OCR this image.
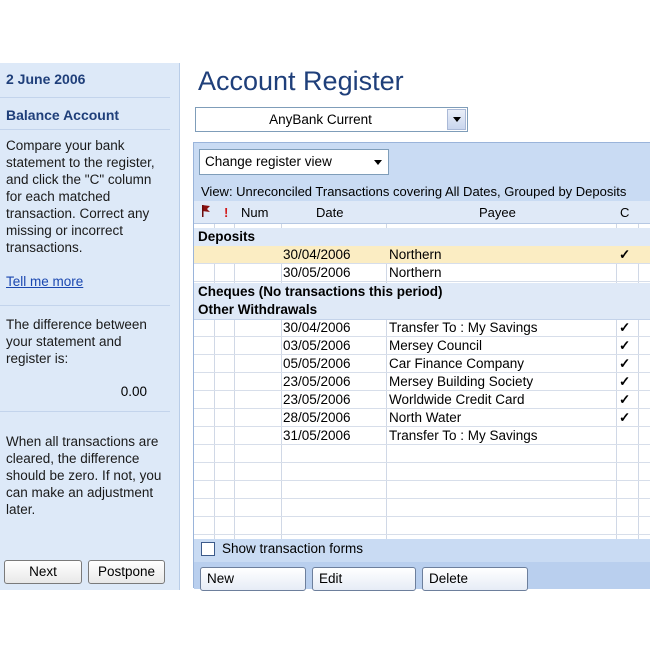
2 June 2006
Balance Account
Compare your bank statement to the register, and click the "C" column for each matched transaction. Correct any missing or incorrect transactions.
Tell me more
The difference between your statement and register is:
0.00
When all transactions are cleared, the difference should be zero. If not, you can make an adjustment later.
Next	Postpone
Account Register
AnyBank Current
Change register view
View: Unreconciled Transactions covering All Dates, Grouped by Deposits
! Num	Date	Payee	C
Deposits
30/04/2006	Northern	✓
30/05/2006	Northern
Cheques (No transactions this period)
Other Withdrawals
30/04/2006	Transfer To : My Savings	✓
03/05/2006	Mersey Council	✓
05/05/2006	Car Finance Company	✓
23/05/2006	Mersey Building Society	✓
23/05/2006	Worldwide Credit Card	✓
28/05/2006	North Water	✓
31/05/2006	Transfer To : My Savings
Show transaction forms
New	Edit	Delete
